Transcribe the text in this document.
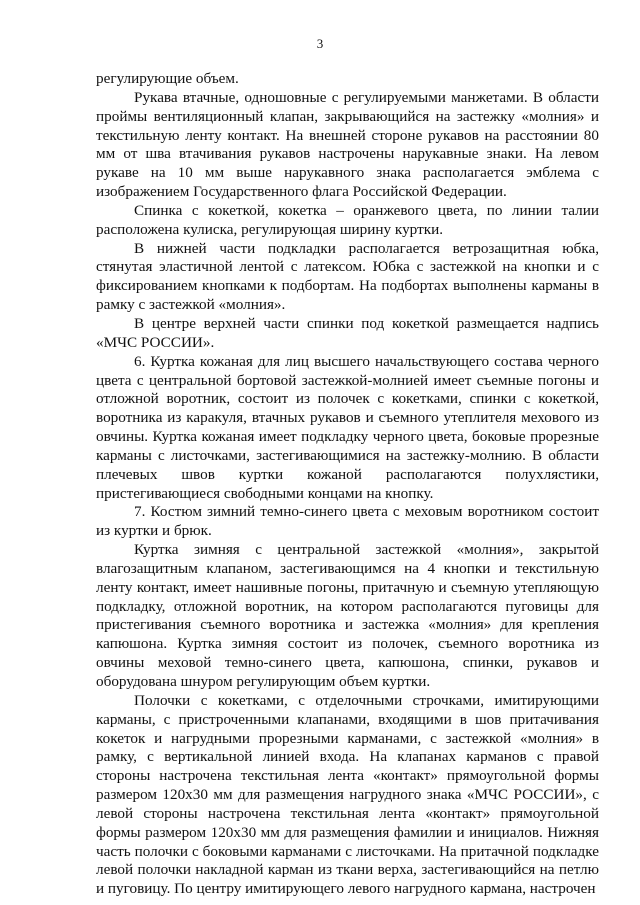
3

регулирующие объем.

Рукава втачные, одношовные с регулируемыми манжетами. В области проймы вентиляционный клапан, закрывающийся на застежку «молния» и текстильную ленту контакт. На внешней стороне рукавов на расстоянии 80 мм от шва втачивания рукавов настрочены нарукавные знаки. На левом рукаве на 10 мм выше нарукавного знака располагается эмблема с изображением Государственного флага Российской Федерации.

Спинка с кокеткой, кокетка – оранжевого цвета, по линии талии расположена кулиска, регулирующая ширину куртки.

В нижней части подкладки располагается ветрозащитная юбка, стянутая эластичной лентой с латексом. Юбка с застежкой на кнопки и с фиксированием кнопками к подбортам. На подбортах выполнены карманы в рамку с застежкой «молния».

В центре верхней части спинки под кокеткой размещается надпись «МЧС РОССИИ».

6. Куртка кожаная для лиц высшего начальствующего состава черного цвета с центральной бортовой застежкой-молнией имеет съемные погоны и отложной воротник, состоит из полочек с кокетками, спинки с кокеткой, воротника из каракуля, втачных рукавов и съемного утеплителя мехового из овчины. Куртка кожаная имеет подкладку черного цвета, боковые прорезные карманы с листочками, застегивающимися на застежку-молнию. В области плечевых швов куртки кожаной располагаются полухлястики, пристегивающиеся свободными концами на кнопку.

7. Костюм зимний темно-синего цвета с меховым воротником состоит из куртки и брюк.

Куртка зимняя с центральной застежкой «молния», закрытой влагозащитным клапаном, застегивающимся на 4 кнопки и текстильную ленту контакт, имеет нашивные погоны, притачную и съемную утепляющую подкладку, отложной воротник, на котором располагаются пуговицы для пристегивания съемного воротника и застежка «молния» для крепления капюшона. Куртка зимняя состоит из полочек, съемного воротника из овчины меховой темно-синего цвета, капюшона, спинки, рукавов и оборудована шнуром регулирующим объем куртки.

Полочки с кокетками, с отделочными строчками, имитирующими карманы, с пристроченными клапанами, входящими в шов притачивания кокеток и нагрудными прорезными карманами, с застежкой «молния» в рамку, с вертикальной линией входа. На клапанах карманов с правой стороны настрочена текстильная лента «контакт» прямоугольной формы размером 120х30 мм для размещения нагрудного знака «МЧС РОССИИ», с левой стороны настрочена текстильная лента «контакт» прямоугольной формы размером 120х30 мм для размещения фамилии и инициалов. Нижняя часть полочки с боковыми карманами с листочками. На притачной подкладке левой полочки накладной карман из ткани верха, застегивающийся на петлю и пуговицу. По центру имитирующего левого нагрудного кармана, настрочен
